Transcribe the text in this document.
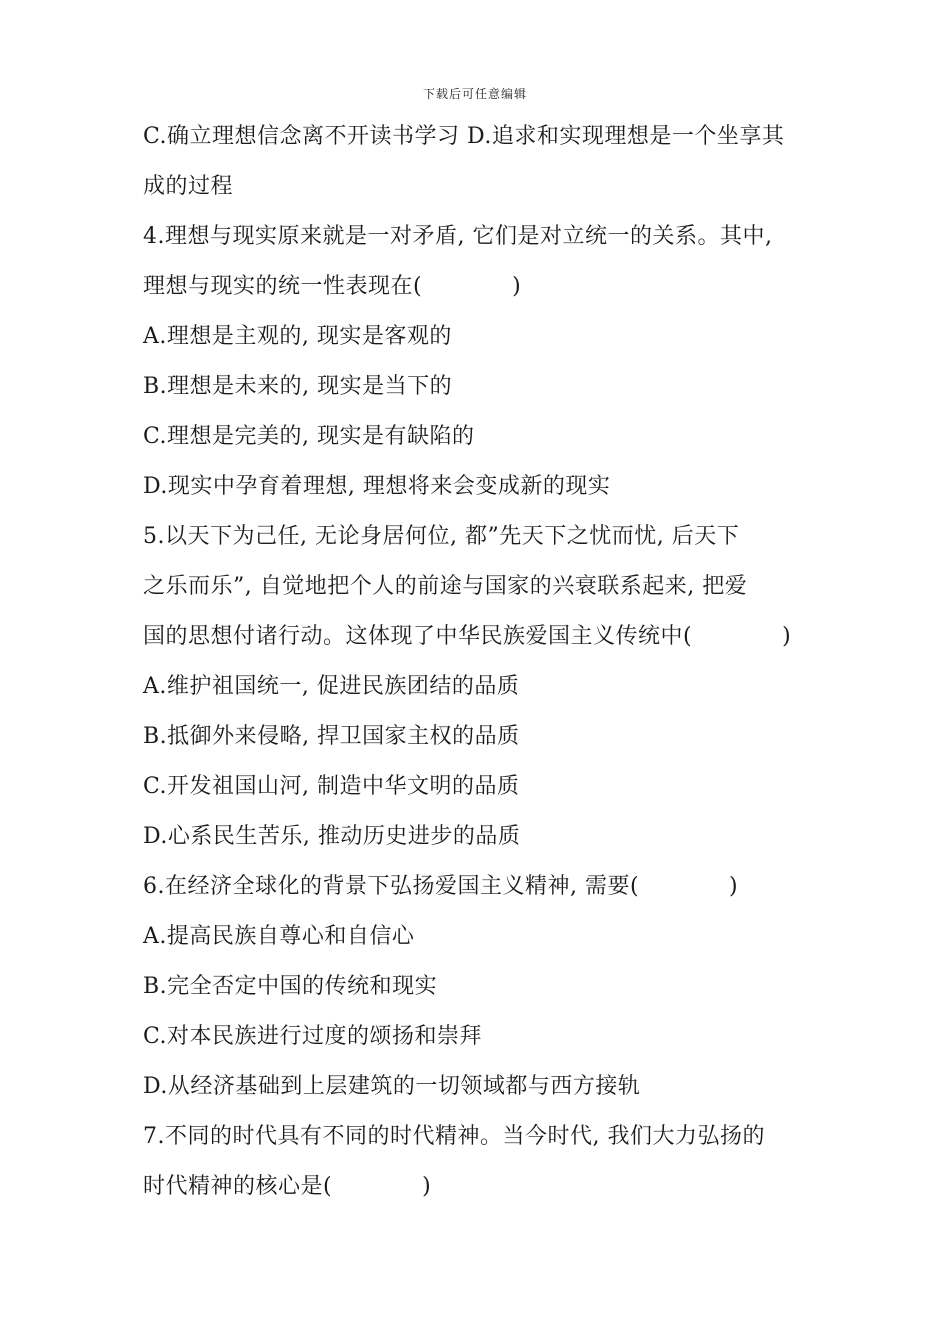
下载后可任意编辑
C.确立理想信念离不开读书学习 D.追求和实现理想是一个坐享其
成的过程
4.理想与现实原来就是一对矛盾, 它们是对立统一的关系。其中,
理想与现实的统一性表现在(　　　　)
A.理想是主观的, 现实是客观的
B.理想是未来的, 现实是当下的
C.理想是完美的, 现实是有缺陷的
D.现实中孕育着理想, 理想将来会变成新的现实
5.以天下为己任, 无论身居何位, 都”先天下之忧而忧, 后天下
之乐而乐”, 自觉地把个人的前途与国家的兴衰联系起来, 把爱
国的思想付诸行动。这体现了中华民族爱国主义传统中(　　　　)
A.维护祖国统一, 促进民族团结的品质
B.抵御外来侵略, 捍卫国家主权的品质
C.开发祖国山河, 制造中华文明的品质
D.心系民生苦乐, 推动历史进步的品质
6.在经济全球化的背景下弘扬爱国主义精神, 需要(　　　　)
A.提高民族自尊心和自信心
B.完全否定中国的传统和现实
C.对本民族进行过度的颂扬和崇拜
D.从经济基础到上层建筑的一切领域都与西方接轨
7.不同的时代具有不同的时代精神。当今时代, 我们大力弘扬的
时代精神的核心是(　　　　)
